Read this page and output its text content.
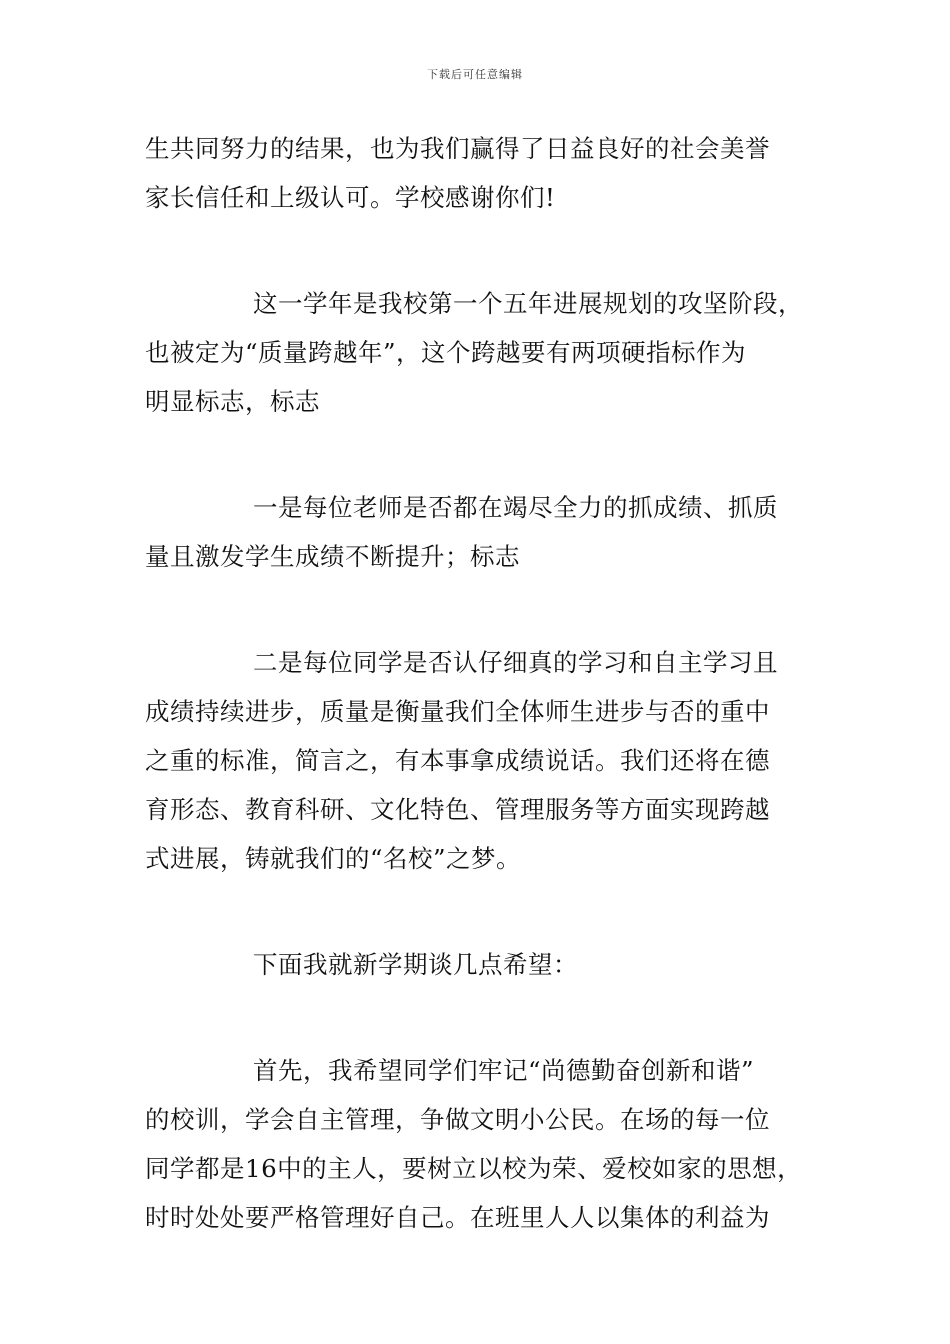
下载后可任意编辑

生共同努力的结果，也为我们赢得了日益良好的社会美誉
家长信任和上级认可。学校感谢你们!

这一学年是我校第一个五年进展规划的攻坚阶段，
也被定为“质量跨越年”，这个跨越要有两项硬指标作为
明显标志，标志

一是每位老师是否都在竭尽全力的抓成绩、抓质
量且激发学生成绩不断提升；标志

二是每位同学是否认仔细真的学习和自主学习且
成绩持续进步，质量是衡量我们全体师生进步与否的重中
之重的标准，简言之，有本事拿成绩说话。我们还将在德
育形态、教育科研、文化特色、管理服务等方面实现跨越
式进展，铸就我们的“名校”之梦。

下面我就新学期谈几点希望：

首先，我希望同学们牢记“尚德勤奋创新和谐”
的校训，学会自主管理，争做文明小公民。在场的每一位
同学都是16中的主人，要树立以校为荣、爱校如家的思想，
时时处处要严格管理好自己。在班里人人以集体的利益为
